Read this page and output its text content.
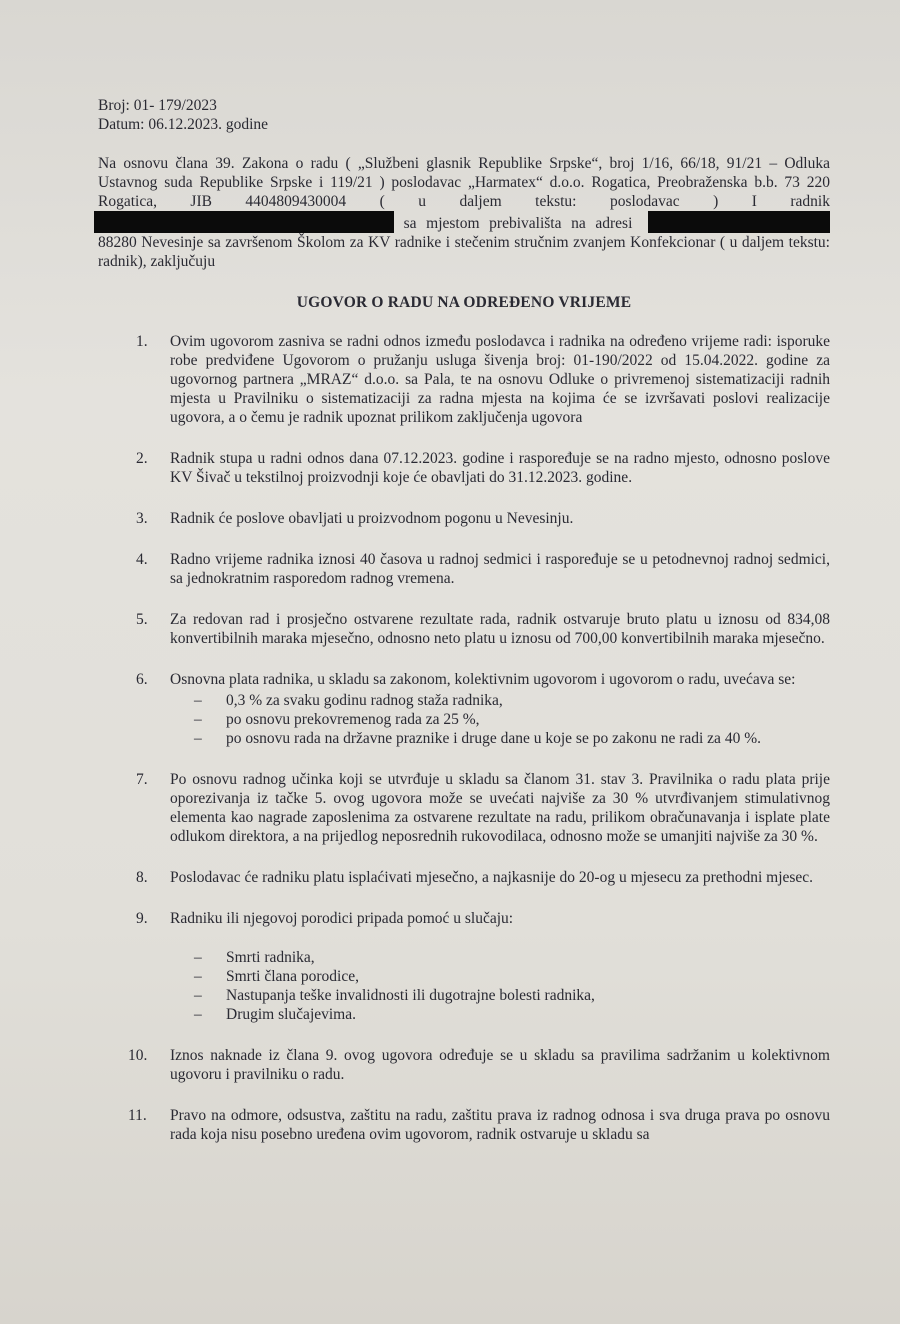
Broj: 01- 179/2023

Datum: 06.12.2023. godine

Na osnovu člana 39. Zakona o radu ( „Službeni glasnik Republike Srpske“, broj 1/16, 66/18, 91/21 – Odluka Ustavnog suda Republike Srpske i 119/21 ) poslodavac „Harmatex“ d.o.o. Rogatica, Preobraženska b.b. 73 220 Rogatica, JIB 4404809430004 ( u daljem tekstu: poslodavac ) I radnik  sa mjestom prebivališta na adresi  88280 Nevesinje sa završenom Školom za KV radnike i stečenim stručnim zvanjem Konfekcionar ( u daljem tekstu: radnik), zaključuju
UGOVOR O RADU NA ODREĐENO VRIJEME
1. Ovim ugovorom zasniva se radni odnos između poslodavca i radnika na određeno vrijeme radi: isporuke robe predviđene Ugovorom o pružanju usluga šivenja broj: 01-190/2022 od 15.04.2022. godine za ugovornog partnera „MRAZ“ d.o.o. sa Pala, te na osnovu Odluke o privremenoj sistematizaciji radnih mjesta u Pravilniku o sistematizaciji za radna mjesta na kojima će se izvršavati poslovi realizacije ugovora, a o čemu je radnik upoznat prilikom zaključenja ugovora
2. Radnik stupa u radni odnos dana 07.12.2023. godine i raspoređuje se na radno mjesto, odnosno poslove KV Šivač u tekstilnoj proizvodnji koje će obavljati do 31.12.2023. godine.
3. Radnik će poslove obavljati u proizvodnom pogonu u Nevesinju.
4. Radno vrijeme radnika iznosi 40 časova u radnoj sedmici i raspoređuje se u petodnevnoj radnoj sedmici, sa jednokratnim rasporedom radnog vremena.
5. Za redovan rad i prosječno ostvarene rezultate rada, radnik ostvaruje bruto platu u iznosu od 834,08 konvertibilnih maraka mjesečno, odnosno neto platu u iznosu od 700,00 konvertibilnih maraka mjesečno.
6. Osnovna plata radnika, u skladu sa zakonom, kolektivnim ugovorom i ugovorom o radu, uvećava se:
– 0,3 % za svaku godinu radnog staža radnika,
– po osnovu prekovremenog rada za 25 %,
– po osnovu rada na državne praznike i druge dane u koje se po zakonu ne radi za 40 %.
7. Po osnovu radnog učinka koji se utvrđuje u skladu sa članom 31. stav 3. Pravilnika o radu plata prije oporezivanja iz tačke 5. ovog ugovora može se uvećati najviše za 30 % utvrđivanjem stimulativnog elementa kao nagrade zaposlenima za ostvarene rezultate na radu, prilikom obračunavanja i isplate plate odlukom direktora, a na prijedlog neposrednih rukovodilaca, odnosno može se umanjiti najviše za 30 %.
8. Poslodavac će radniku platu isplaćivati mjesečno, a najkasnije do 20-og u mjesecu za prethodni mjesec.
9. Radniku ili njegovoj porodici pripada pomoć u slučaju:
– Smrti radnika,
– Smrti člana porodice,
– Nastupanja teške invalidnosti ili dugotrajne bolesti radnika,
– Drugim slučajevima.
10. Iznos naknade iz člana 9. ovog ugovora određuje se u skladu sa pravilima sadržanim u kolektivnom ugovoru i pravilniku o radu.
11. Pravo na odmore, odsustva, zaštitu na radu, zaštitu prava iz radnog odnosa i sva druga prava po osnovu rada koja nisu posebno uređena ovim ugovorom, radnik ostvaruje u skladu sa
